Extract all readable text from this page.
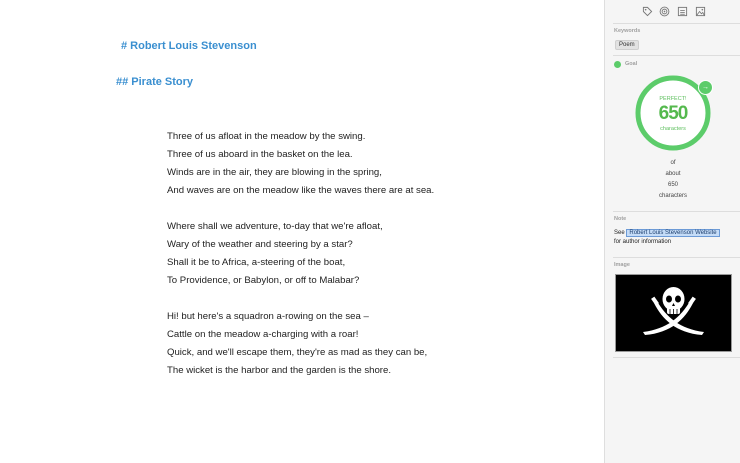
# Robert Louis Stevenson
## Pirate Story
Three of us afloat in the meadow by the swing.
Three of us aboard in the basket on the lea.
Winds are in the air, they are blowing in the spring,
And waves are on the meadow like the waves there are at sea.
Where shall we adventure, to-day that we're afloat,
Wary of the weather and steering by a star?
Shall it be to Africa, a-steering of the boat,
To Providence, or Babylon, or off to Malabar?
Hi! but here's a squadron a-rowing on the sea –
Cattle on the meadow a-charging with a roar!
Quick, and we'll escape them, they're as mad as they can be,
The wicket is the harbor and the garden is the shore.
Keywords
Poem
Goal
PERFECT!
650
characters
→
of
about
650
characters
Note
See Robert Louis Stevenson Website
for author information
Image
